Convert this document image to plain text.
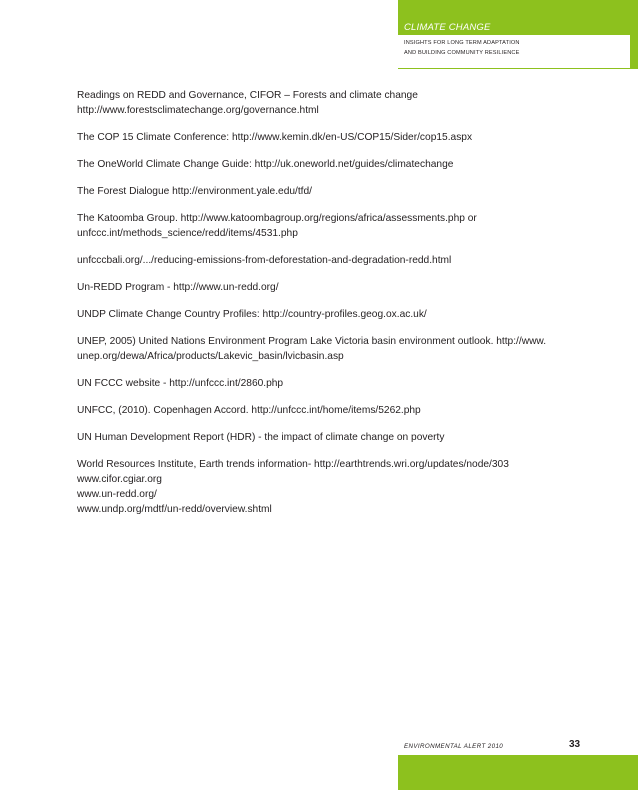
CLIMATE CHANGE
INSIGHTS FOR LONG TERM ADAPTATION
AND BUILDING COMMUNITY RESILIENCE
Readings on REDD and Governance, CIFOR – Forests and climate change
http://www.forestsclimatechange.org/governance.html
The COP 15 Climate Conference: http://www.kemin.dk/en-US/COP15/Sider/cop15.aspx
The OneWorld Climate Change Guide: http://uk.oneworld.net/guides/climatechange
The Forest Dialogue http://environment.yale.edu/tfd/
The Katoomba Group. http://www.katoombagroup.org/regions/africa/assessments.php or
unfccc.int/methods_science/redd/items/4531.php
unfcccbali.org/.../reducing-emissions-from-deforestation-and-degradation-redd.html
Un-REDD Program - http://www.un-redd.org/
UNDP Climate Change Country Profiles: http://country-profiles.geog.ox.ac.uk/
UNEP, 2005) United Nations Environment Program Lake Victoria basin environment outlook. http://www.
unep.org/dewa/Africa/products/Lakevic_basin/lvicbasin.asp
UN FCCC website - http://unfccc.int/2860.php
UNFCC, (2010). Copenhagen Accord. http://unfccc.int/home/items/5262.php
UN Human Development Report (HDR) - the impact of climate change on poverty
World Resources Institute, Earth trends information- http://earthtrends.wri.org/updates/node/303
www.cifor.cgiar.org
www.un-redd.org/
www.undp.org/mdtf/un-redd/overview.shtml
ENVIRONMENTAL ALERT 2010	33
